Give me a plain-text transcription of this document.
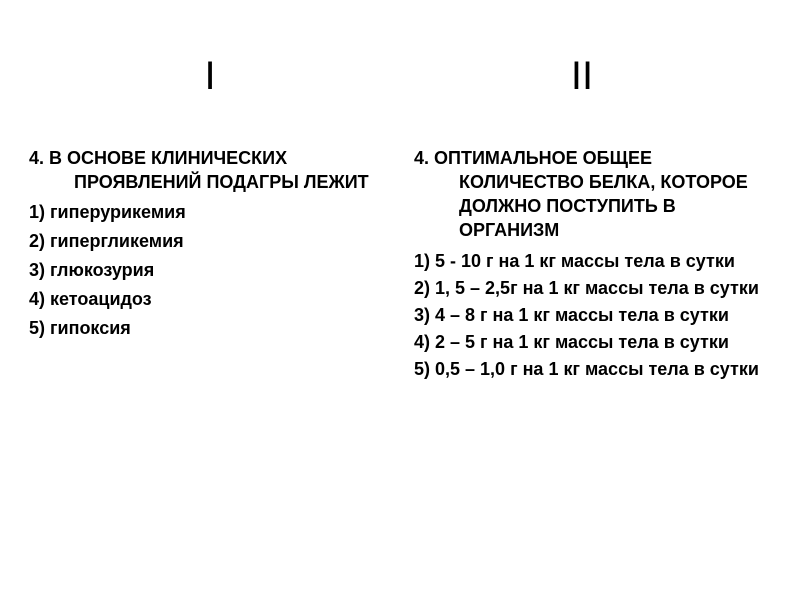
I	II

4. В ОСНОВЕ КЛИНИЧЕСКИХ ПРОЯВЛЕНИЙ ПОДАГРЫ ЛЕЖИТ

1) гиперурикемия
2) гипергликемия
3) глюкозурия
4) кетоацидоз
5) гипоксия

4. ОПТИМАЛЬНОЕ ОБЩЕЕ КОЛИЧЕСТВО БЕЛКА, КОТОРОЕ ДОЛЖНО ПОСТУПИТЬ В ОРГАНИЗМ

1) 5 - 10 г на 1 кг массы тела в сутки
2) 1, 5 – 2,5г на 1 кг массы тела в сутки
3) 4 – 8 г на 1 кг массы тела в сутки
4) 2 – 5 г на 1 кг массы тела в сутки
5) 0,5 – 1,0 г на 1 кг массы тела в сутки
